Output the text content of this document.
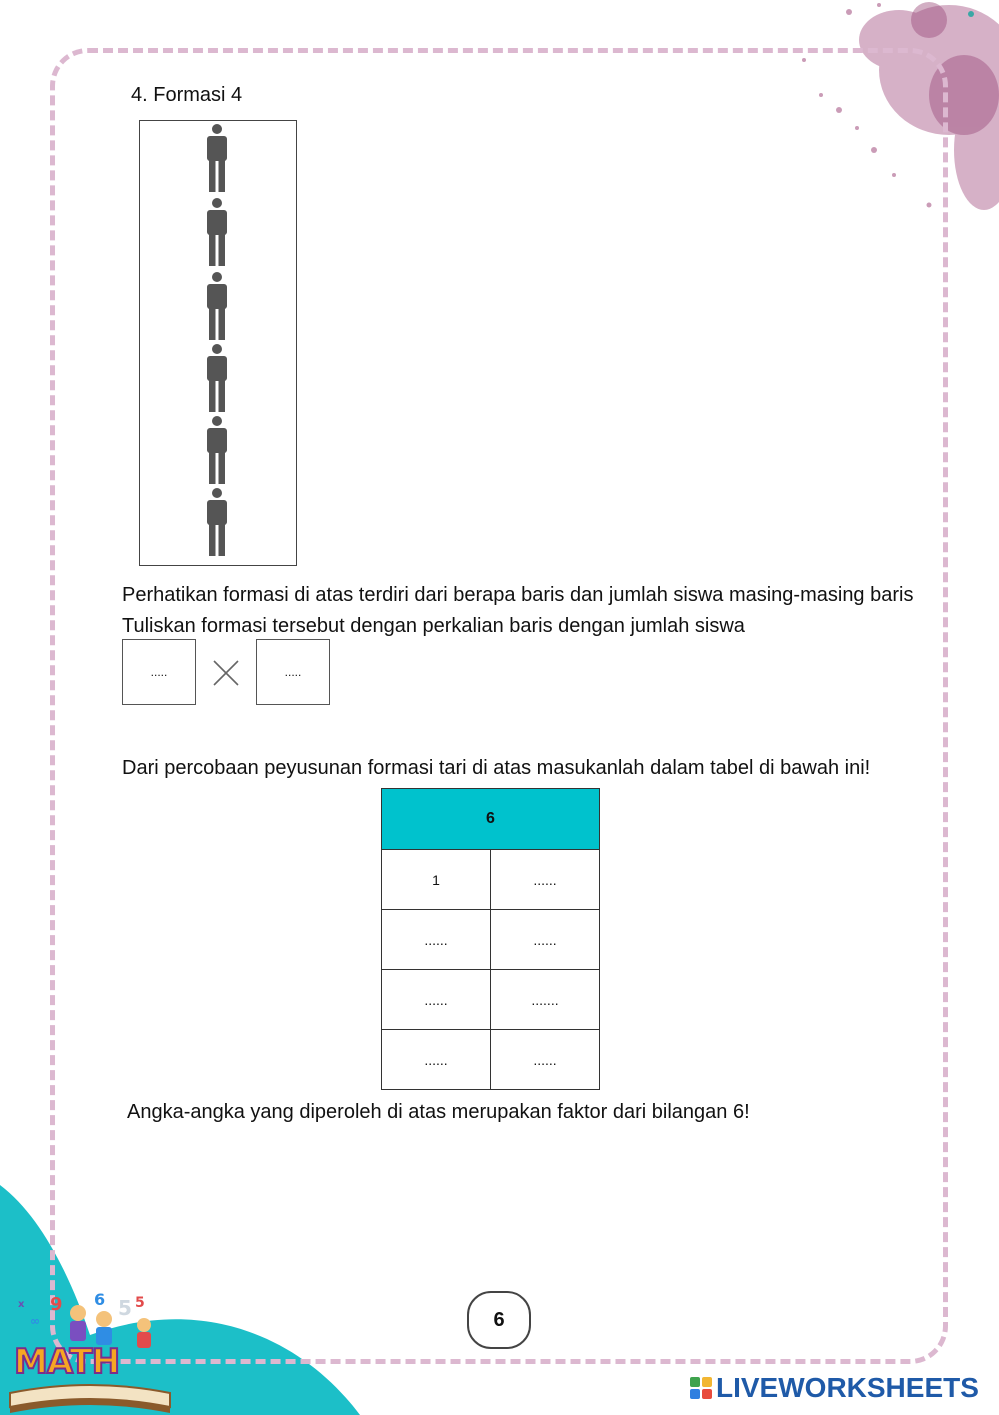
4. Formasi 4
Perhatikan formasi di atas terdiri dari berapa baris dan jumlah siswa masing-masing baris
Tuliskan formasi tersebut dengan perkalian baris dengan jumlah siswa
.....	.....
Dari percobaan peyusunan formasi tari di atas masukanlah dalam tabel di bawah ini!
6	
1	......
......	......
......	.......
......	......
Angka-angka yang diperoleh di atas merupakan faktor dari bilangan 6!
6
9 6 5
5
x
∞
MATH
LIVEWORKSHEETS
